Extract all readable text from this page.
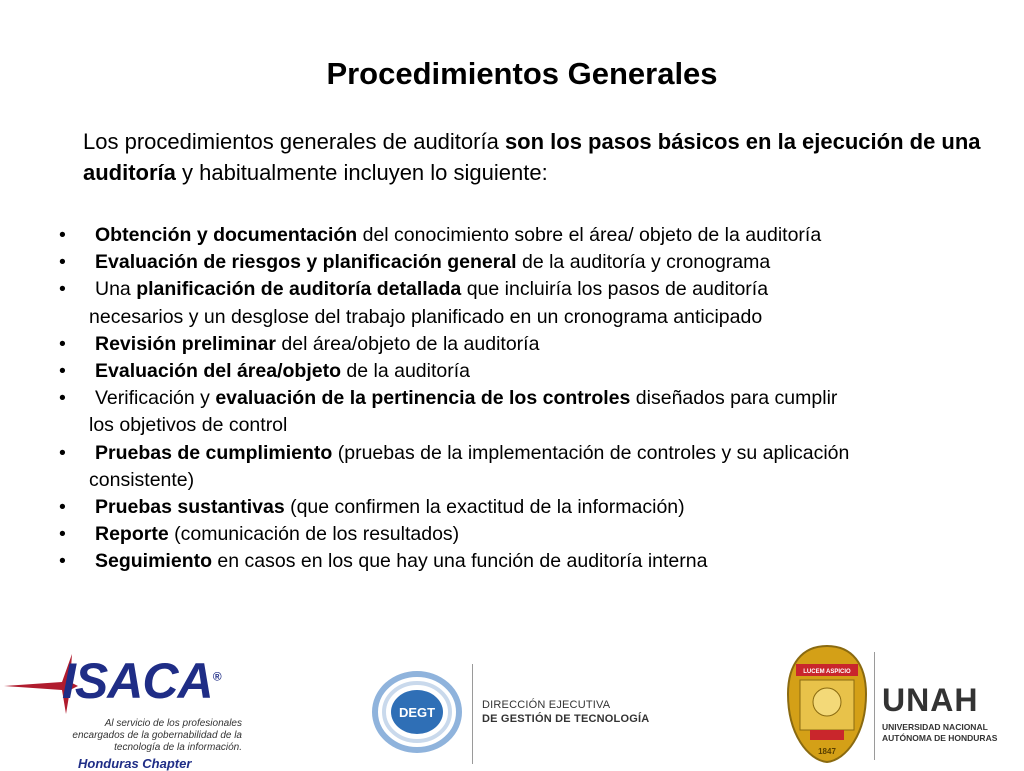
Procedimientos Generales

Los procedimientos generales de auditoría son los pasos básicos en la ejecución de una auditoría y habitualmente incluyen lo siguiente:

• Obtención y documentación del conocimiento sobre el área/ objeto de la auditoría
• Evaluación de riesgos y planificación general de la auditoría y cronograma
• Una planificación de auditoría detallada que incluiría los pasos de auditoría
necesarios y un desglose del trabajo planificado en un cronograma anticipado
• Revisión preliminar del área/objeto de la auditoría
• Evaluación del área/objeto de la auditoría
• Verificación y evaluación de la pertinencia de los controles diseñados para cumplir
los objetivos de control
• Pruebas de cumplimiento (pruebas de la implementación de controles y su aplicación
consistente)
• Pruebas sustantivas (que confirmen la exactitud de la información)
• Reporte (comunicación de los resultados)
• Seguimiento en casos en los que hay una función de auditoría interna
ISACA®
Al servicio de los profesionales
encargados de la gobernabilidad de la
tecnología de la información.
Honduras Chapter
DEGT	DIRECCIÓN EJECUTIVA
DE GESTIÓN DE TECNOLOGÍA
LUCEM ASPICIO
1847
UNAH
UNIVERSIDAD NACIONAL
AUTÓNOMA DE HONDURAS
